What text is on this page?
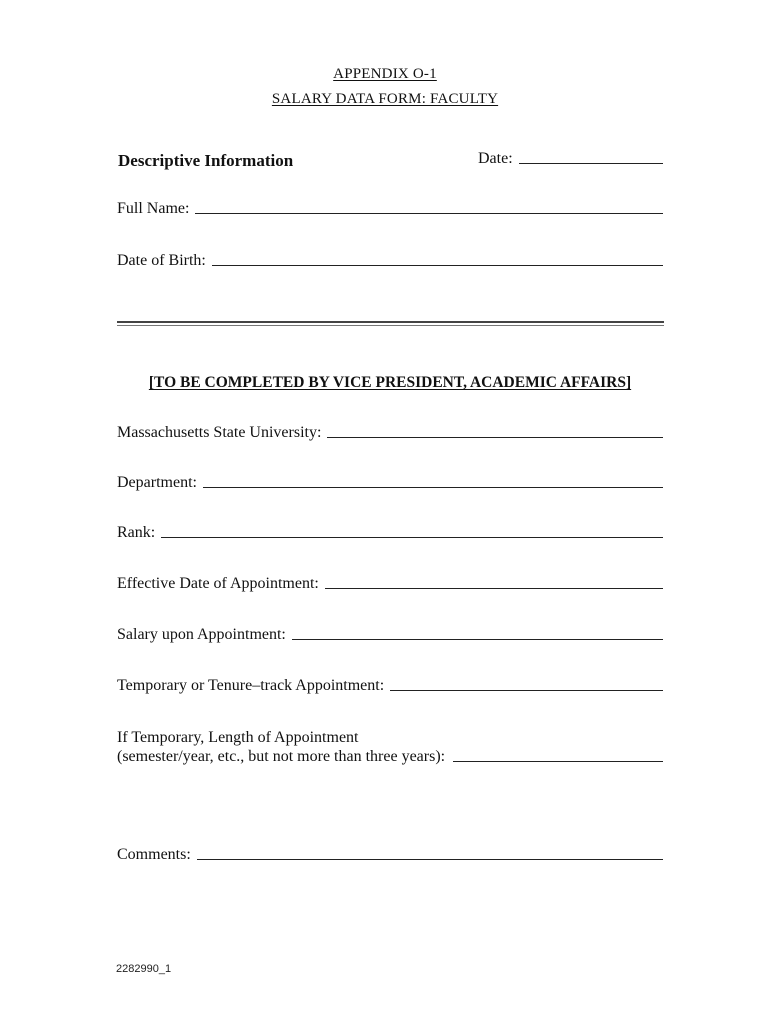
APPENDIX O-1
SALARY DATA FORM: FACULTY
Descriptive Information	Date:
Full Name:
Date of Birth:
[TO BE COMPLETED BY VICE PRESIDENT, ACADEMIC AFFAIRS]
Massachusetts State University:
Department:
Rank:
Effective Date of Appointment:
Salary upon Appointment:
Temporary or Tenure–track Appointment:
If Temporary, Length of Appointment
(semester/year, etc., but not more than three years):
Comments:
2282990_1
